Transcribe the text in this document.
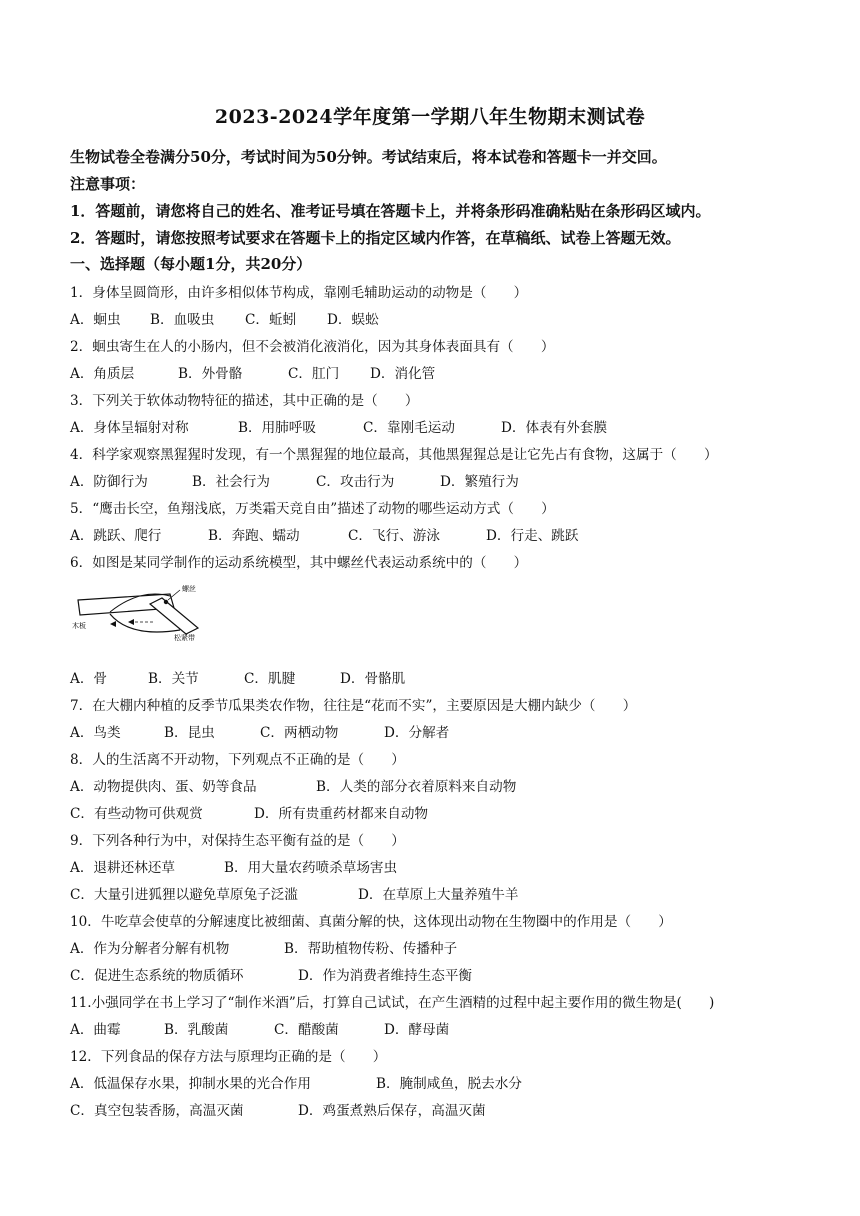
2023-2024学年度第一学期八年生物期末测试卷
生物试卷全卷满分50分，考试时间为50分钟。考试结束后，将本试卷和答题卡一并交回。
注意事项：
1．答题前，请您将自己的姓名、准考证号填在答题卡上，并将条形码准确粘贴在条形码区域内。
2．答题时，请您按照考试要求在答题卡上的指定区域内作答，在草稿纸、试卷上答题无效。
一、选择题（每小题1分，共20分）
1．身体呈圆筒形，由许多相似体节构成，靠刚毛辅助运动的动物是（　　）
A．蛔虫 B．血吸虫 C．蚯蚓 D．蜈蚣
2．蛔虫寄生在人的小肠内，但不会被消化液消化，因为其身体表面具有（　　）
A．角质层	B．外骨骼	C．肛门 D．消化管
3．下列关于软体动物特征的描述，其中正确的是（　　）
A．身体呈辐射对称	B．用肺呼吸	C．靠刚毛运动	D．体表有外套膜
4．科学家观察黑猩猩时发现，有一个黑猩猩的地位最高，其他黑猩猩总是让它先占有食物，这属于（　　）
A．防御行为	B．社会行为	C．攻击行为	D．繁殖行为
5．“鹰击长空，鱼翔浅底，万类霜天竞自由”描述了动物的哪些运动方式（　　）
A．跳跃、爬行	B．奔跑、蠕动	C．飞行、游泳	D．行走、跳跃
6．如图是某同学制作的运动系统模型，其中螺丝代表运动系统中的（　　）
螺丝
木板
松紧带
A．骨	B．关节	C．肌腱	D．骨骼肌
7．在大棚内种植的反季节瓜果类农作物，往往是“花而不实”，主要原因是大棚内缺少（　　）
A．鸟类	B．昆虫	C．两栖动物	D．分解者
8．人的生活离不开动物，下列观点不正确的是（　　）
A．动物提供肉、蛋、奶等食品	B．人类的部分衣着原料来自动物
C．有些动物可供观赏	D．所有贵重药材都来自动物
9．下列各种行为中，对保持生态平衡有益的是（　　）
A．退耕还林还草	B．用大量农药喷杀草场害虫
C．大量引进狐狸以避免草原兔子泛滥	D．在草原上大量养殖牛羊
10．牛吃草会使草的分解速度比被细菌、真菌分解的快，这体现出动物在生物圈中的作用是（　　）
A．作为分解者分解有机物	B．帮助植物传粉、传播种子
C．促进生态系统的物质循环	D．作为消费者维持生态平衡
11.小强同学在书上学习了“制作米酒”后，打算自己试试，在产生酒精的过程中起主要作用的微生物是(　　)
A．曲霉	B．乳酸菌	C．醋酸菌	D．酵母菌
12．下列食品的保存方法与原理均正确的是（　　）
A．低温保存水果，抑制水果的光合作用	B．腌制咸鱼，脱去水分
C．真空包装香肠，高温灭菌	D．鸡蛋煮熟后保存，高温灭菌
